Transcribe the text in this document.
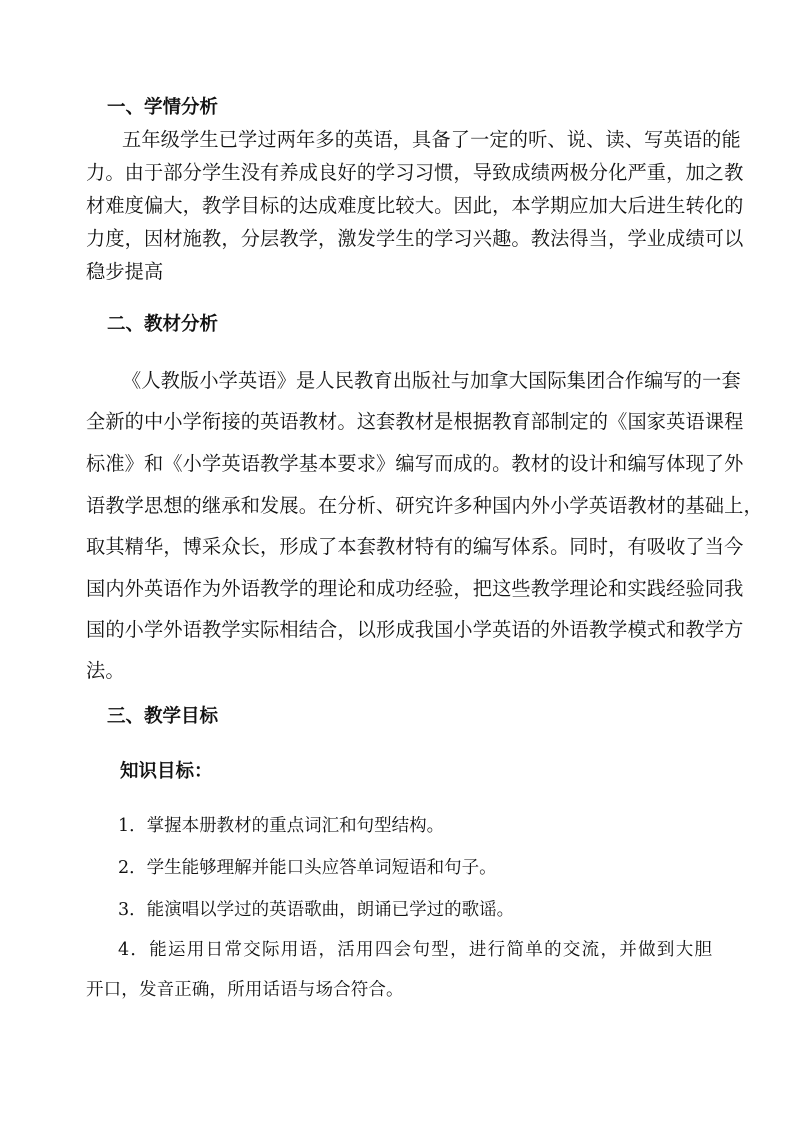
一、学情分析
五年级学生已学过两年多的英语，具备了一定的听、说、读、写英语的能
力。由于部分学生没有养成良好的学习习惯，导致成绩两极分化严重，加之教
材难度偏大，教学目标的达成难度比较大。因此，本学期应加大后进生转化的
力度，因材施教，分层教学，激发学生的学习兴趣。教法得当，学业成绩可以
稳步提高
二、教材分析
《人教版小学英语》是人民教育出版社与加拿大国际集团合作编写的一套
全新的中小学衔接的英语教材。这套教材是根据教育部制定的《国家英语课程
标准》和《小学英语教学基本要求》编写而成的。教材的设计和编写体现了外
语教学思想的继承和发展。在分析、研究许多种国内外小学英语教材的基础上，
取其精华，博采众长，形成了本套教材特有的编写体系。同时，有吸收了当今
国内外英语作为外语教学的理论和成功经验，把这些教学理论和实践经验同我
国的小学外语教学实际相结合，以形成我国小学英语的外语教学模式和教学方
法。
三、教学目标
知识目标：
1．掌握本册教材的重点词汇和句型结构。
2．学生能够理解并能口头应答单词短语和句子。
3．能演唱以学过的英语歌曲，朗诵已学过的歌谣。
4．能运用日常交际用语，活用四会句型，进行简单的交流，并做到大胆
开口，发音正确，所用话语与场合符合。
